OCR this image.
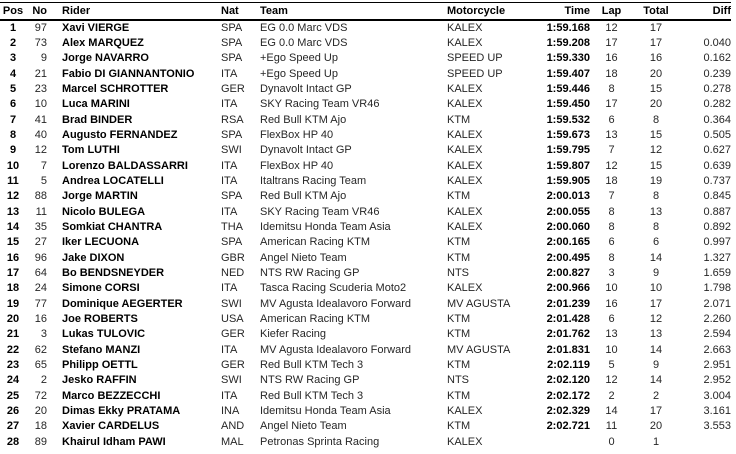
Pos	No	Rider	Nat	Team	Motorcycle	Time	Lap	Total	Diff
1	97	Xavi VIERGE	SPA	EG 0.0 Marc VDS	KALEX	1:59.168	12	17	
2	73	Alex MARQUEZ	SPA	EG 0.0 Marc VDS	KALEX	1:59.208	17	17	0.040
3	9	Jorge NAVARRO	SPA	+Ego Speed Up	SPEED UP	1:59.330	16	16	0.162
4	21	Fabio DI GIANNANTONIO	ITA	+Ego Speed Up	SPEED UP	1:59.407	18	20	0.239
5	23	Marcel SCHROTTER	GER	Dynavolt Intact GP	KALEX	1:59.446	8	15	0.278
6	10	Luca MARINI	ITA	SKY Racing Team VR46	KALEX	1:59.450	17	20	0.282
7	41	Brad BINDER	RSA	Red Bull KTM Ajo	KTM	1:59.532	6	8	0.364
8	40	Augusto FERNANDEZ	SPA	FlexBox HP 40	KALEX	1:59.673	13	15	0.505
9	12	Tom LUTHI	SWI	Dynavolt Intact GP	KALEX	1:59.795	7	12	0.627
10	7	Lorenzo BALDASSARRI	ITA	FlexBox HP 40	KALEX	1:59.807	12	15	0.639
11	5	Andrea LOCATELLI	ITA	Italtrans Racing Team	KALEX	1:59.905	18	19	0.737
12	88	Jorge MARTIN	SPA	Red Bull KTM Ajo	KTM	2:00.013	7	8	0.845
13	11	Nicolo BULEGA	ITA	SKY Racing Team VR46	KALEX	2:00.055	8	13	0.887
14	35	Somkiat CHANTRA	THA	Idemitsu Honda Team Asia	KALEX	2:00.060	8	8	0.892
15	27	Iker LECUONA	SPA	American Racing KTM	KTM	2:00.165	6	6	0.997
16	96	Jake DIXON	GBR	Angel Nieto Team	KTM	2:00.495	8	14	1.327
17	64	Bo BENDSNEYDER	NED	NTS RW Racing GP	NTS	2:00.827	3	9	1.659
18	24	Simone CORSI	ITA	Tasca Racing Scuderia Moto2	KALEX	2:00.966	10	10	1.798
19	77	Dominique AEGERTER	SWI	MV Agusta Idealavoro Forward	MV AGUSTA	2:01.239	16	17	2.071
20	16	Joe ROBERTS	USA	American Racing KTM	KTM	2:01.428	6	12	2.260
21	3	Lukas TULOVIC	GER	Kiefer Racing	KTM	2:01.762	13	13	2.594
22	62	Stefano MANZI	ITA	MV Agusta Idealavoro Forward	MV AGUSTA	2:01.831	10	14	2.663
23	65	Philipp OETTL	GER	Red Bull KTM Tech 3	KTM	2:02.119	5	9	2.951
24	2	Jesko RAFFIN	SWI	NTS RW Racing GP	NTS	2:02.120	12	14	2.952
25	72	Marco BEZZECCHI	ITA	Red Bull KTM Tech 3	KTM	2:02.172	2	2	3.004
26	20	Dimas Ekky PRATAMA	INA	Idemitsu Honda Team Asia	KALEX	2:02.329	14	17	3.161
27	18	Xavier CARDELUS	AND	Angel Nieto Team	KTM	2:02.721	11	20	3.553
28	89	Khairul Idham PAWI	MAL	Petronas Sprinta Racing	KALEX		0	1	
